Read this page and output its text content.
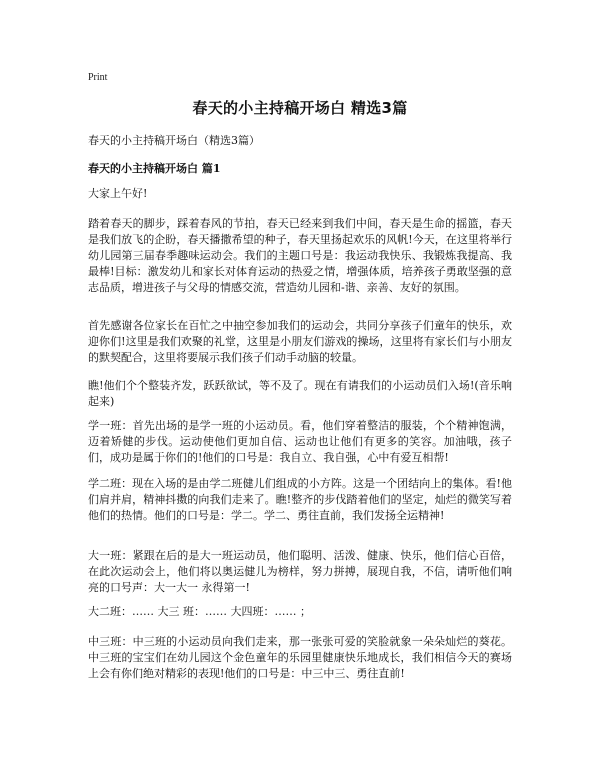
Print
春天的小主持稿开场白 精选3篇
春天的小主持稿开场白（精选3篇）
春天的小主持稿开场白 篇1

大家上午好!

踏着春天的脚步，踩着春风的节拍，春天已经来到我们中间，春天是生命的摇篮，春天是我们放飞的企盼，春天播撒希望的种子，春天里扬起欢乐的风帆!今天，在这里将举行幼儿园第三届春季趣味运动会。我们的主题口号是：我运动我快乐、我锻炼我提高、我最棒!目标：激发幼儿和家长对体育运动的热爱之情，增强体质，培养孩子勇敢坚强的意志品质，增进孩子与父母的情感交流，营造幼儿园和-谐、亲善、友好的氛围。

首先感谢各位家长在百忙之中抽空参加我们的运动会，共同分享孩子们童年的快乐，欢迎你们!这里是我们欢聚的礼堂，这里是小朋友们游戏的操场，这里将有家长们与小朋友的默契配合，这里将要展示我们孩子们动手动脑的较量。

瞧!他们个个整装齐发，跃跃欲试，等不及了。现在有请我们的小运动员们入场!(音乐响起来)

学一班：首先出场的是学一班的小运动员。看，他们穿着整洁的服装，个个精神饱满，迈着矫健的步伐。运动使他们更加自信、运动也让他们有更多的笑容。加油哦，孩子们，成功是属于你们的!他们的口号是：我自立、我自强，心中有爱互相帮!

学二班：现在入场的是由学二班健儿们组成的小方阵。这是一个团结向上的集体。看!他们肩并肩，精神抖擞的向我们走来了。瞧!整齐的步伐踏着他们的坚定，灿烂的微笑写着他们的热情。他们的口号是：学二。学二、勇往直前，我们发扬全运精神!

大一班：紧跟在后的是大一班运动员，他们聪明、活泼、健康、快乐，他们信心百倍，在此次运动会上，他们将以奥运健儿为榜样，努力拼搏，展现自我，不信，请听他们响亮的口号声：大一大一 永得第一!

大二班：…… 大三 班：…… 大四班：…… ；

中三班：中三班的小运动员向我们走来，那一张张可爱的笑脸就象一朵朵灿烂的葵花。中三班的宝宝们在幼儿园这个金色童年的乐园里健康快乐地成长，我们相信今天的赛场上会有你们绝对精彩的表现!他们的口号是：中三中三、勇往直前!
